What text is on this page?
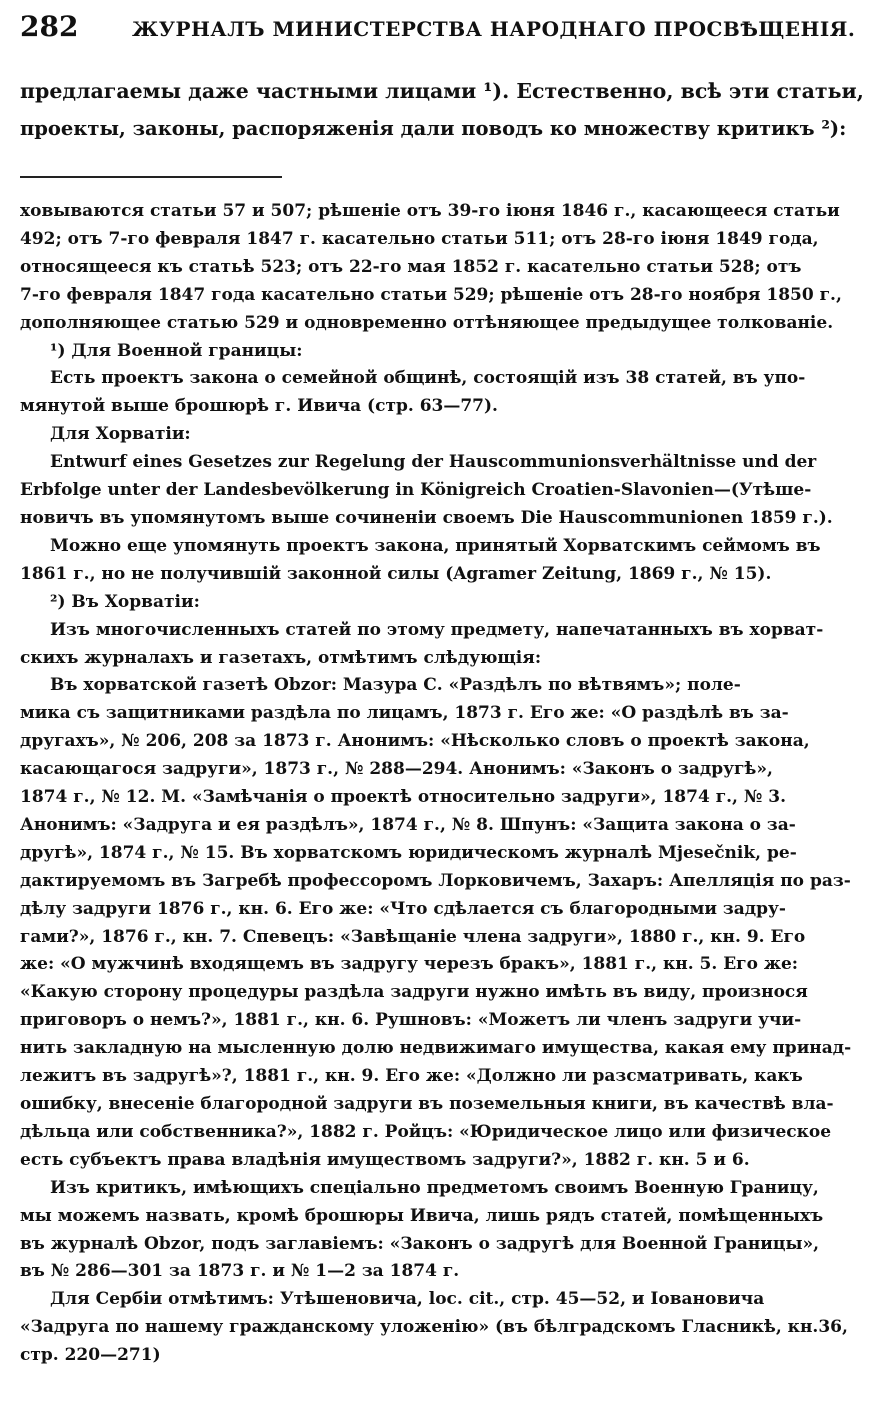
282	ЖУРНАЛЪ МИНИСТЕРСТВА НАРОДНАГО ПРОСВѢЩЕНІЯ.
предлагаемы даже частными лицами ¹). Естественно, всѣ эти статьи,
проекты, законы, распоряженія дали поводъ ко множеству критикъ ²):
ховываются статьи 57 и 507; рѣшеніе отъ 39-го іюня 1846 г., касающееся статьи
492; отъ 7-го февраля 1847 г. касательно статьи 511; отъ 28-го іюня 1849 года,
относящееся къ статьѣ 523; отъ 22-го мая 1852 г. касательно статьи 528; отъ
7-го февраля 1847 года касательно статьи 529; рѣшеніе отъ 28-го ноября 1850 г.,
дополняющее статью 529 и одновременно оттѣняющее предыдущее толкованіе.
¹) Для Военной границы:
Есть проектъ закона о семейной общинѣ, состоящій изъ 38 статей, въ упо-
мянутой выше брошюрѣ г. Ивича (стр. 63—77).
Для Хорватіи:
Entwurf eines Gesetzes zur Regelung der Hauscommunionsverhältnisse und der
Erbfolge unter der Landesbevölkerung in Königreich Croatien-Slavonien—(Утѣше-
новичъ въ упомянутомъ выше сочиненіи своемъ Die Hauscommunionen 1859 г.).
Можно еще упомянуть проектъ закона, принятый Хорватскимъ сеймомъ въ
1861 г., но не получившій законной силы (Agramer Zeitung, 1869 г., № 15).
²) Въ Хорватіи:
Изъ многочисленныхъ статей по этому предмету, напечатанныхъ въ хорват-
скихъ журналахъ и газетахъ, отмѣтимъ слѣдующія:
Въ хорватской газетѣ Obzor: Мазура С. «Раздѣлъ по вѣтвямъ»; поле-
мика съ защитниками раздѣла по лицамъ, 1873 г. Его же: «О раздѣлѣ въ за-
другахъ», № 206, 208 за 1873 г. Анонимъ: «Нѣсколько словъ о проектѣ закона,
касающагося задруги», 1873 г., № 288—294. Анонимъ: «Законъ о задругѣ»,
1874 г., № 12. М. «Замѣчанія о проектѣ относительно задруги», 1874 г., № 3.
Анонимъ: «Задруга и ея раздѣлъ», 1874 г., № 8. Шпунъ: «Защита закона о за-
другѣ», 1874 г., № 15. Въ хорватскомъ юридическомъ журналѣ Mjesečnik, ре-
дактируемомъ въ Загребѣ профессоромъ Лорковичемъ, Захаръ: Апелляція по раз-
дѣлу задруги 1876 г., кн. 6. Его же: «Что сдѣлается съ благородными задру-
гами?», 1876 г., кн. 7. Спевецъ: «Завѣщаніе члена задруги», 1880 г., кн. 9. Его
же: «О мужчинѣ входящемъ въ задругу черезъ бракъ», 1881 г., кн. 5. Его же:
«Какую сторону процедуры раздѣла задруги нужно имѣть въ виду, произнося
приговоръ о немъ?», 1881 г., кн. 6. Рушновъ: «Можетъ ли членъ задруги учи-
нить закладную на мысленную долю недвижимаго имущества, какая ему принад-
лежитъ въ задругѣ»?, 1881 г., кн. 9. Его же: «Должно ли разсматривать, какъ
ошибку, внесеніе благородной задруги въ поземельныя книги, въ качествѣ вла-
дѣльца или собственника?», 1882 г. Ройцъ: «Юридическое лицо или физическое
есть субъектъ права владѣнія имуществомъ задруги?», 1882 г. кн. 5 и 6.
Изъ критикъ, имѣющихъ спеціально предметомъ своимъ Военную Границу,
мы можемъ назвать, кромѣ брошюры Ивича, лишь рядъ статей, помѣщенныхъ
въ журналѣ Obzor, подъ заглавіемъ: «Законъ о задругѣ для Военной Границы»,
въ № 286—301 за 1873 г. и № 1—2 за 1874 г.
Для Сербіи отмѣтимъ: Утѣшеновича, loc. cit., стр. 45—52, и Іовановича
«Задруга по нашему гражданскому уложенію» (въ бѣлградскомъ Гласникѣ, кн.36,
стр. 220—271)
